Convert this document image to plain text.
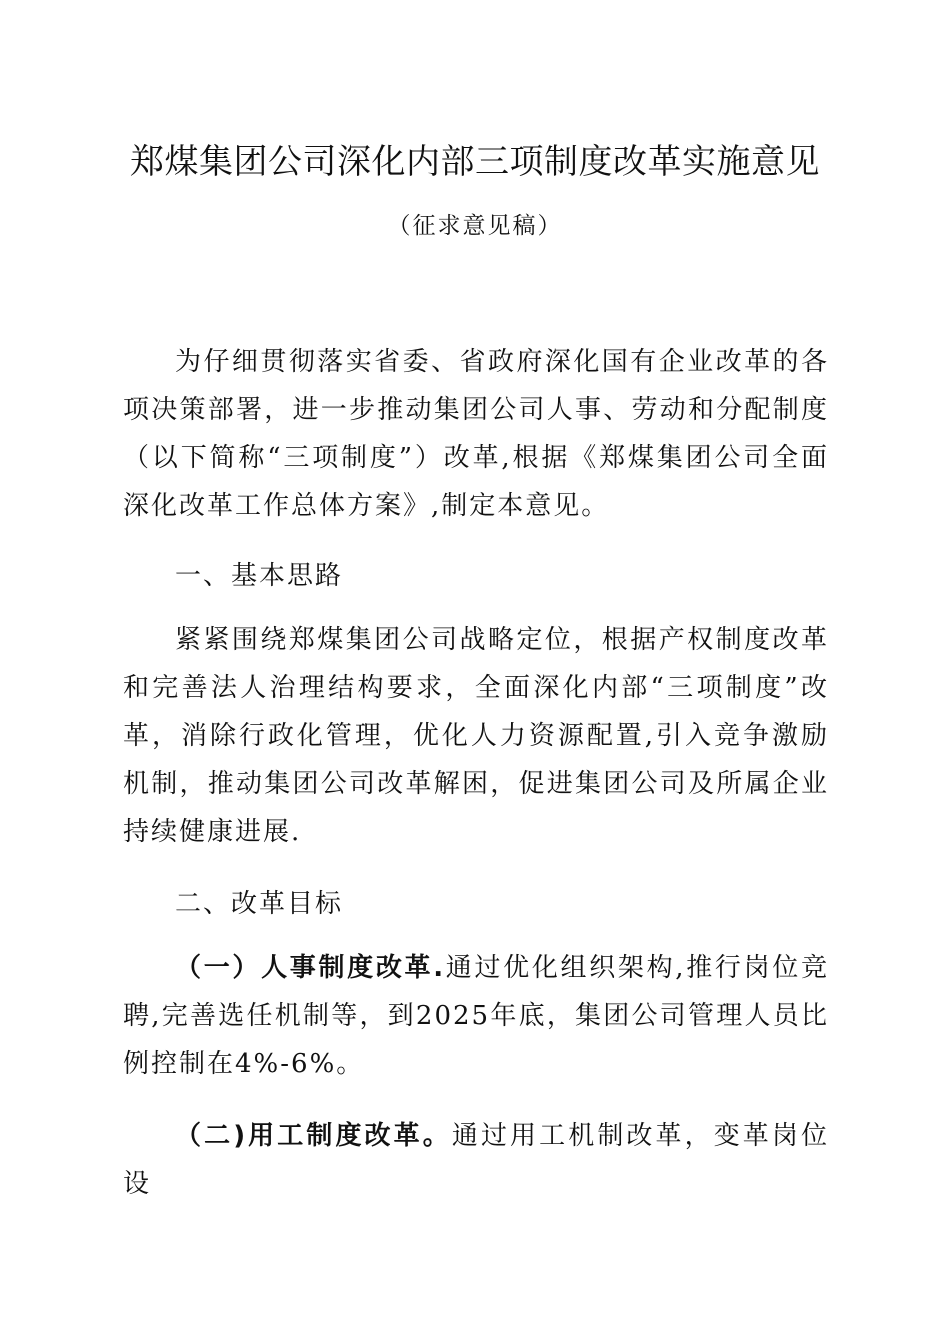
郑煤集团公司深化内部三项制度改革实施意见
（征求意见稿）

为仔细贯彻落实省委、省政府深化国有企业改革的各项决策部署，进一步推动集团公司人事、劳动和分配制度（以下简称“三项制度”）改革,根据《郑煤集团公司全面深化改革工作总体方案》,制定本意见。

一、基本思路

紧紧围绕郑煤集团公司战略定位，根据产权制度改革和完善法人治理结构要求，全面深化内部“三项制度”改革，消除行政化管理，优化人力资源配置,引入竞争激励机制，推动集团公司改革解困，促进集团公司及所属企业持续健康进展.

二、改革目标

（一）人事制度改革.通过优化组织架构,推行岗位竞聘,完善选任机制等，到2025年底，集团公司管理人员比例控制在4%-6%。

（二)用工制度改革。通过用工机制改革，变革岗位设
